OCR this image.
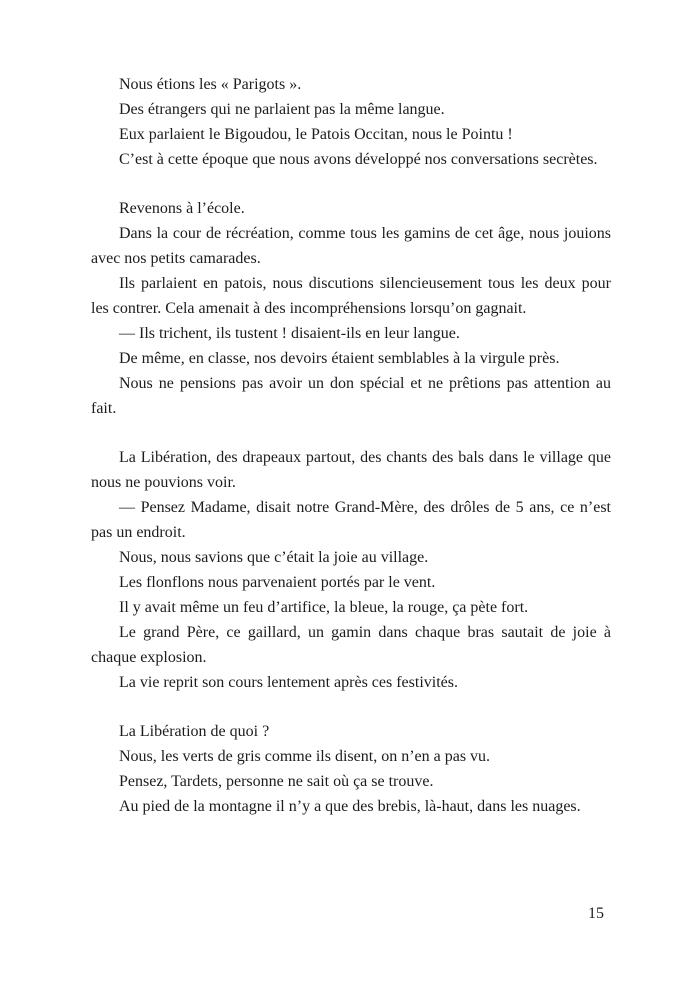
Nous étions les « Parigots ».

Des étrangers qui ne parlaient pas la même langue.

Eux parlaient le Bigoudou, le Patois Occitan, nous le Pointu !

C’est à cette époque que nous avons développé nos conversations secrètes.

Revenons à l’école.

Dans la cour de récréation, comme tous les gamins de cet âge, nous jouions avec nos petits camarades.

Ils parlaient en patois, nous discutions silencieusement tous les deux pour les contrer. Cela amenait à des incompréhensions lorsqu’on gagnait.

— Ils trichent, ils tustent ! disaient-ils en leur langue.

De même, en classe, nos devoirs étaient semblables à la virgule près.

Nous ne pensions pas avoir un don spécial et ne prêtions pas attention au fait.

La Libération, des drapeaux partout, des chants des bals dans le village que nous ne pouvions voir.

— Pensez Madame, disait notre Grand-Mère, des drôles de 5 ans, ce n’est pas un endroit.

Nous, nous savions que c’était la joie au village.

Les flonflons nous parvenaient portés par le vent.

Il y avait même un feu d’artifice, la bleue, la rouge, ça pète fort.

Le grand Père, ce gaillard, un gamin dans chaque bras sautait de joie à chaque explosion.

La vie reprit son cours lentement après ces festivités.

La Libération de quoi ?

Nous, les verts de gris comme ils disent, on n’en a pas vu.

Pensez, Tardets, personne ne sait où ça se trouve.

Au pied de la montagne il n’y a que des brebis, là-haut, dans les nuages.

15
